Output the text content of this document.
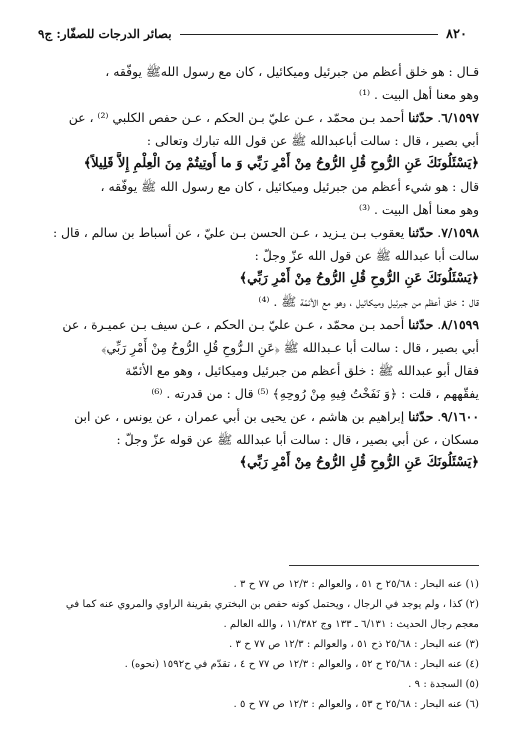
٨٢٠
بصائر الدرجات للصفّار: ج٩
قـال : هو خلق أعظم من جبرئيل وميكائيل ، كان مع رسول اللهﷺ يوفّقه ،
وهو معنا أهل البيت . ⁽¹⁾
٦/١٥٩٧. حدّثنا أحمد بـن محمّد ، عـن عليّ بـن الحكم ، عـن حفص الكلبي ⁽²⁾ ، عن
أبي بصير ، قال : سالت أباعبدالله ﷺ عن قول الله تبارك وتعالى :
﴿يَسْئَلُونَكَ عَنِ الرُّوحِ قُلِ الرُّوحُ مِنْ أَمْرِ رَبِّي وَ ما أُوتِيتُمْ مِنَ الْعِلْمِ إِلاَّ قَلِيلاً﴾
قال : هو شيء أعظم من جبرئيل وميكائيل ، كان مع رسول الله ﷺ يوفّقه ،
وهو معنا أهل البيت . ⁽³⁾
٧/١٥٩٨. حدّثنا يعقوب بـن يـزيد ، عـن الحسن بـن عليّ ، عن أسباط بن سالم ، قال :
سالت أبا عبدالله ﷺ عن قول الله عزّ وجلّ :
﴿يَسْئَلُونَكَ عَنِ الرُّوحِ قُلِ الرُّوحُ مِنْ أَمْرِ رَبِّي﴾
قال : خلق أعظم من جبرئيل وميكائيل ، وهو مع الأئمّة ﷺ . ⁽⁴⁾
٨/١٥٩٩. حدّثنا أحمد بـن محمّد ، عـن عليّ بـن الحكم ، عـن سيف بـن عميـرة ، عن
أبي بصير ، قال : سالت أبا عـبدالله ﷺ ﴿عَنِ الـرُّوحِ قُلِ الرُّوحُ مِنْ أَمْرِ رَبِّي﴾
فقال أبو عبدالله ﷺ : خلق أعظم من جبرئيل وميكائيل ، وهو مع الأئمّة
يفقّههم ، قلت : ﴿وَ نَفَخْتُ فِيهِ مِنْ رُوحِهِ﴾ ⁽⁵⁾ قال : من قدرته . ⁽⁶⁾
٩/١٦٠٠. حدّثنا إبراهيم بن هاشم ، عن يحيى بن أبي عمران ، عن يونس ، عن ابن
مسكان ، عن أبي بصير ، قال : سالت أبا عبدالله ﷺ عن قوله عزّ وجلّ :
﴿يَسْئَلُونَكَ عَنِ الرُّوحِ قُلِ الرُّوحُ مِنْ أَمْرِ رَبِّي﴾
(١) عنه البحار : ٢٥/٦٨ ح ٥١ ، والعوالم : ١٢/٣ ص ٧٧ ح ٣ .
(٢) كذا ، ولم يوجد في الرجال ، ويحتمل كونه حفص بن البختري بقرينة الراوي والمروي عنه كما في
معجم رجال الحديث : ٦/١٣١ ـ ١٣٣ وج ١١/٣٨٢ ، والله العالم .
(٣) عنه البحار : ٢٥/٦٨ ذح ٥١ ، والعوالم : ١٢/٣ ص ٧٧ ح ٣ .
(٤) عنه البحار : ٢٥/٦٨ ح ٥٢ ، والعوالم : ١٢/٣ ص ٧٧ ح ٤ ، تقدّم في ح١٥٩٢ (نحوه) .
(٥) السجدة : ٩ .
(٦) عنه البحار : ٢٥/٦٨ ح ٥٣ ، والعوالم : ١٢/٣ ص ٧٧ ح ٥ .
